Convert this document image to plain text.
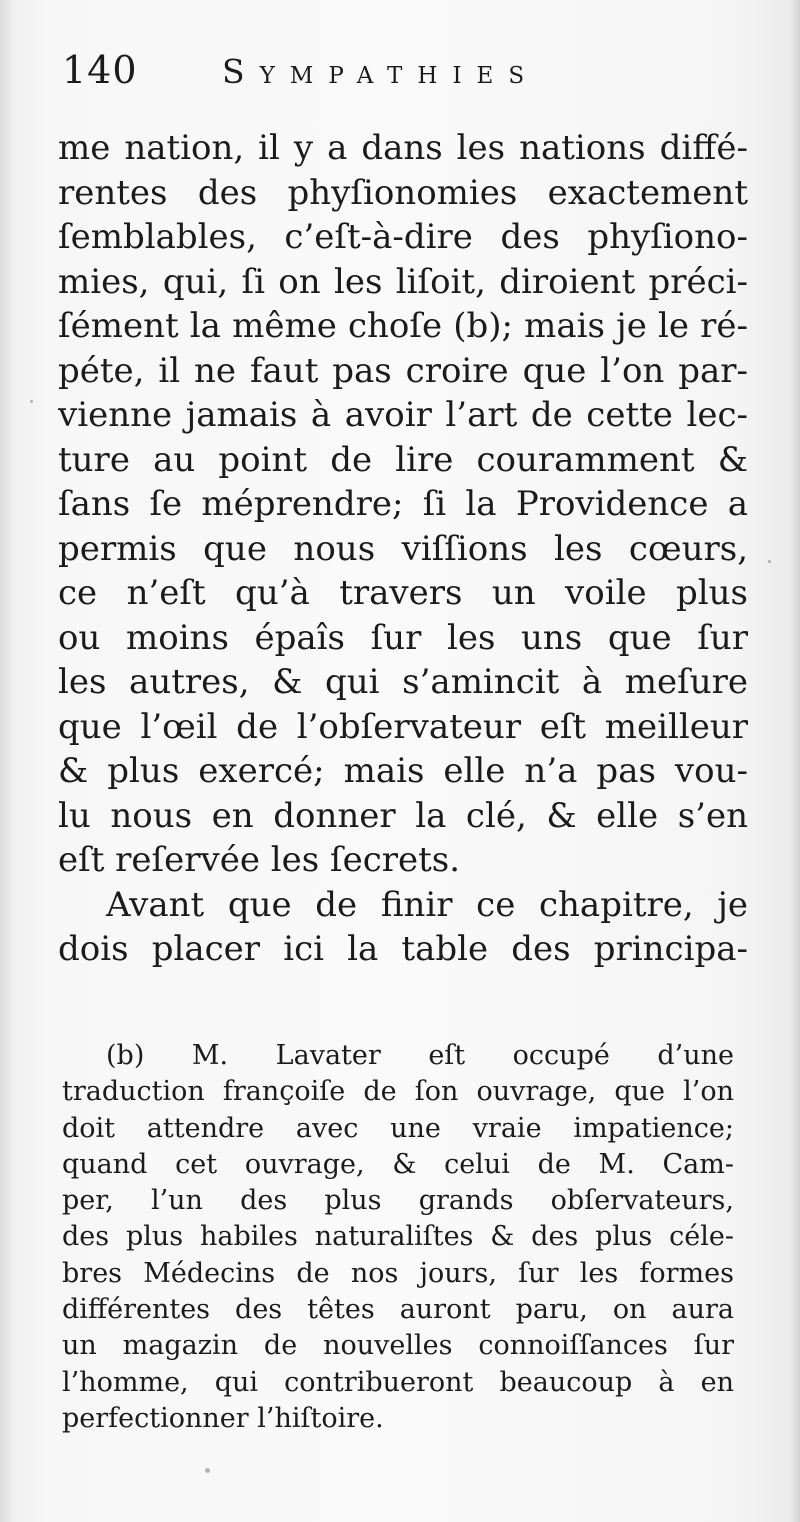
140	Sympathies
me nation, il y a dans les nations diffé-
rentes des phyſionomies exactement
ſemblables, c’eſt-à-dire des phyſiono-
mies, qui, ſi on les liſoit, diroient préci-
ſément la même choſe (b); mais je le ré-
péte, il ne faut pas croire que l’on par-
vienne jamais à avoir l’art de cette lec-
ture au point de lire couramment &
ſans ſe méprendre; ſi la Providence a
permis que nous viſſions les cœurs,
ce n’eſt qu’à travers un voile plus
ou moins épaîs ſur les uns que ſur
les autres, & qui s’amincit à meſure
que l’œil de l’obſervateur eſt meilleur
& plus exercé; mais elle n’a pas vou-
lu nous en donner la clé, & elle s’en
eſt reſervée les ſecrets.
Avant que de finir ce chapitre, je
dois placer ici la table des principa-
(b) M. Lavater eſt occupé d’une
traduction françoiſe de ſon ouvrage, que l’on
doit attendre avec une vraie impatience;
quand cet ouvrage, & celui de M. Cam-
per, l’un des plus grands obſervateurs,
des plus habiles naturaliſtes & des plus céle-
bres Médecins de nos jours, ſur les formes
différentes des têtes auront paru, on aura
un magazin de nouvelles connoiſſances ſur
l’homme, qui contribueront beaucoup à en
perfectionner l’hiſtoire.
